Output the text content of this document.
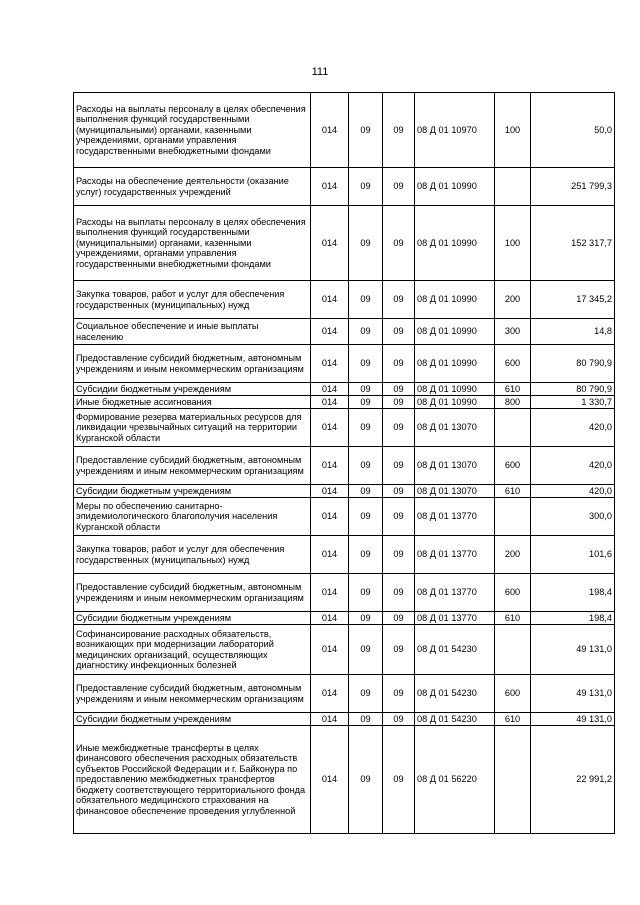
111
Расходы на выплаты персоналу в целях обеспечения выполнения функций государственными (муниципальными) органами, казенными учреждениями, органами управления государственными внебюджетными фондами	014	09	09	08 Д 01 10970	100	50,0
Расходы на обеспечение деятельности (оказание услуг) государственных учреждений	014	09	09	08 Д 01 10990		251 799,3
Расходы на выплаты персоналу в целях обеспечения выполнения функций государственными (муниципальными) органами, казенными учреждениями, органами управления государственными внебюджетными фондами	014	09	09	08 Д 01 10990	100	152 317,7
Закупка товаров, работ и услуг для обеспечения государственных (муниципальных) нужд	014	09	09	08 Д 01 10990	200	17 345,2
Социальное обеспечение и иные выплаты населению	014	09	09	08 Д 01 10990	300	14,8
Предоставление субсидий бюджетным, автономным учреждениям и иным некоммерческим организациям	014	09	09	08 Д 01 10990	600	80 790,9
Субсидии бюджетным учреждениям	014	09	09	08 Д 01 10990	610	80 790,9
Иные бюджетные ассигнования	014	09	09	08 Д 01 10990	800	1 330,7
Формирование резерва материальных ресурсов для ликвидации чрезвычайных ситуаций на территории Курганской области	014	09	09	08 Д 01 13070		420,0
Предоставление субсидий бюджетным, автономным учреждениям и иным некоммерческим организациям	014	09	09	08 Д 01 13070	600	420,0
Субсидии бюджетным учреждениям	014	09	09	08 Д 01 13070	610	420,0
Меры по обеспечению санитарно-эпидемиологического благополучия населения Курганской области	014	09	09	08 Д 01 13770		300,0
Закупка товаров, работ и услуг для обеспечения государственных (муниципальных) нужд	014	09	09	08 Д 01 13770	200	101,6
Предоставление субсидий бюджетным, автономным учреждениям и иным некоммерческим организациям	014	09	09	08 Д 01 13770	600	198,4
Субсидии бюджетным учреждениям	014	09	09	08 Д 01 13770	610	198,4
Софинансирование расходных обязательств, возникающих при модернизации лабораторий медицинских организаций, осуществляющих диагностику инфекционных болезней	014	09	09	08 Д 01 54230		49 131,0
Предоставление субсидий бюджетным, автономным учреждениям и иным некоммерческим организациям	014	09	09	08 Д 01 54230	600	49 131,0
Субсидии бюджетным учреждениям	014	09	09	08 Д 01 54230	610	49 131,0
Иные межбюджетные трансферты в целях финансового обеспечения расходных обязательств субъектов Российской Федерации и г. Байконура по предоставлению межбюджетных трансфертов бюджету соответствующего территориального фонда обязательного медицинского страхования на финансовое обеспечение проведения углубленной	014	09	09	08 Д 01 56220		22 991,2
